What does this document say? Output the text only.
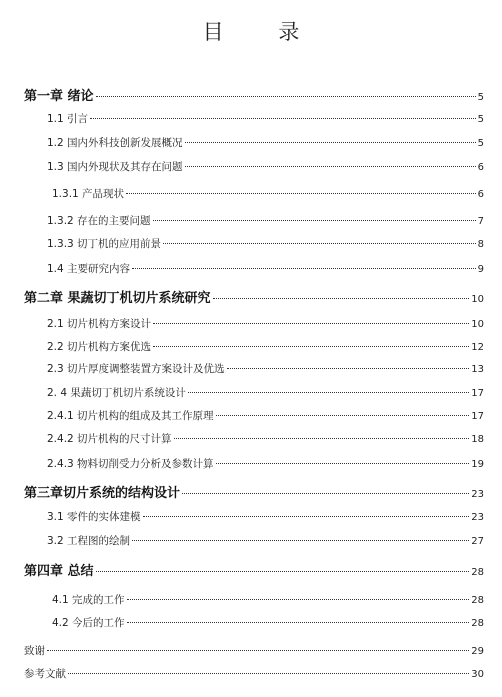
目 录
第一章 绪论	5
1.1 引言	5
1.2 国内外科技创新发展概况	5
1.3 国内外现状及其存在问题	6
1.3.1 产品现状	6
1.3.2 存在的主要问题	7
1.3.3 切丁机的应用前景	8
1.4 主要研究内容	9
第二章 果蔬切丁机切片系统研究	10
2.1 切片机构方案设计	10
2.2 切片机构方案优选	12
2.3 切片厚度调整装置方案设计及优选	13
2. 4 果蔬切丁机切片系统设计	17
2.4.1 切片机构的组成及其工作原理	17
2.4.2 切片机构的尺寸计算	18
2.4.3 物料切削受力分析及参数计算	19
第三章切片系统的结构设计	23
3.1 零件的实体建模	23
3.2 工程图的绘制	27
第四章 总结	28
4.1 完成的工作	28
4.2 今后的工作	28
致谢	29
参考文献	30
